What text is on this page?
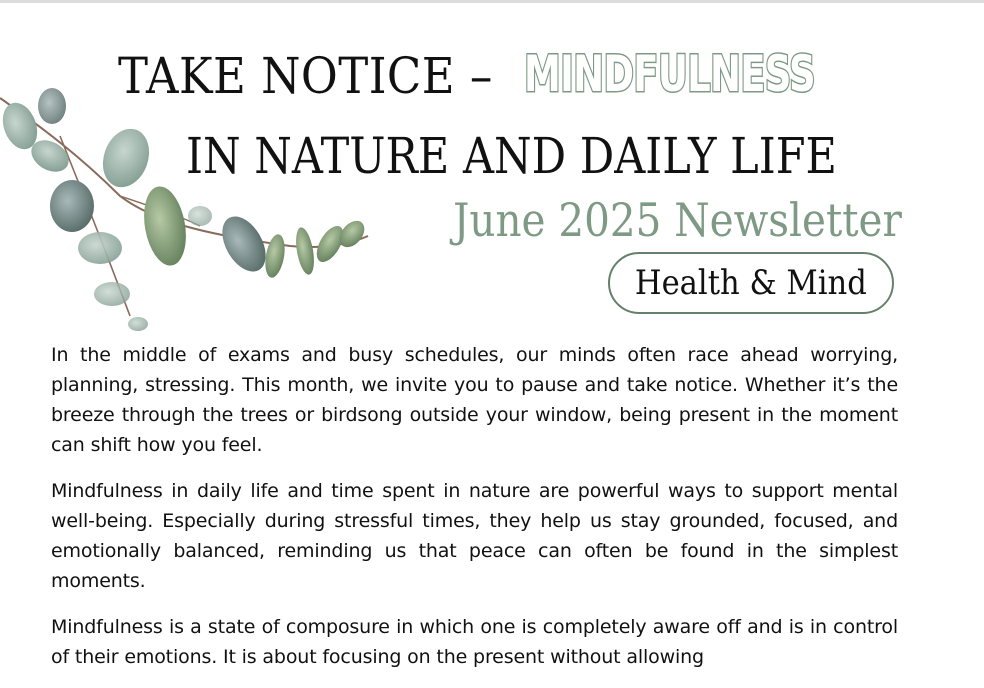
TAKE NOTICE – MINDFULNESS
IN NATURE AND DAILY LIFE
June 2025 Newsletter
Health & Mind

In the middle of exams and busy schedules, our minds often race ahead worrying, planning, stressing. This month, we invite you to pause and take notice. Whether it’s the breeze through the trees or birdsong outside your window, being present in the moment can shift how you feel.

Mindfulness in daily life and time spent in nature are powerful ways to support mental well-being. Especially during stressful times, they help us stay grounded, focused, and emotionally balanced, reminding us that peace can often be found in the simplest moments.

Mindfulness is a state of composure in which one is completely aware off and is in control of their emotions. It is about focusing on the present without allowing
